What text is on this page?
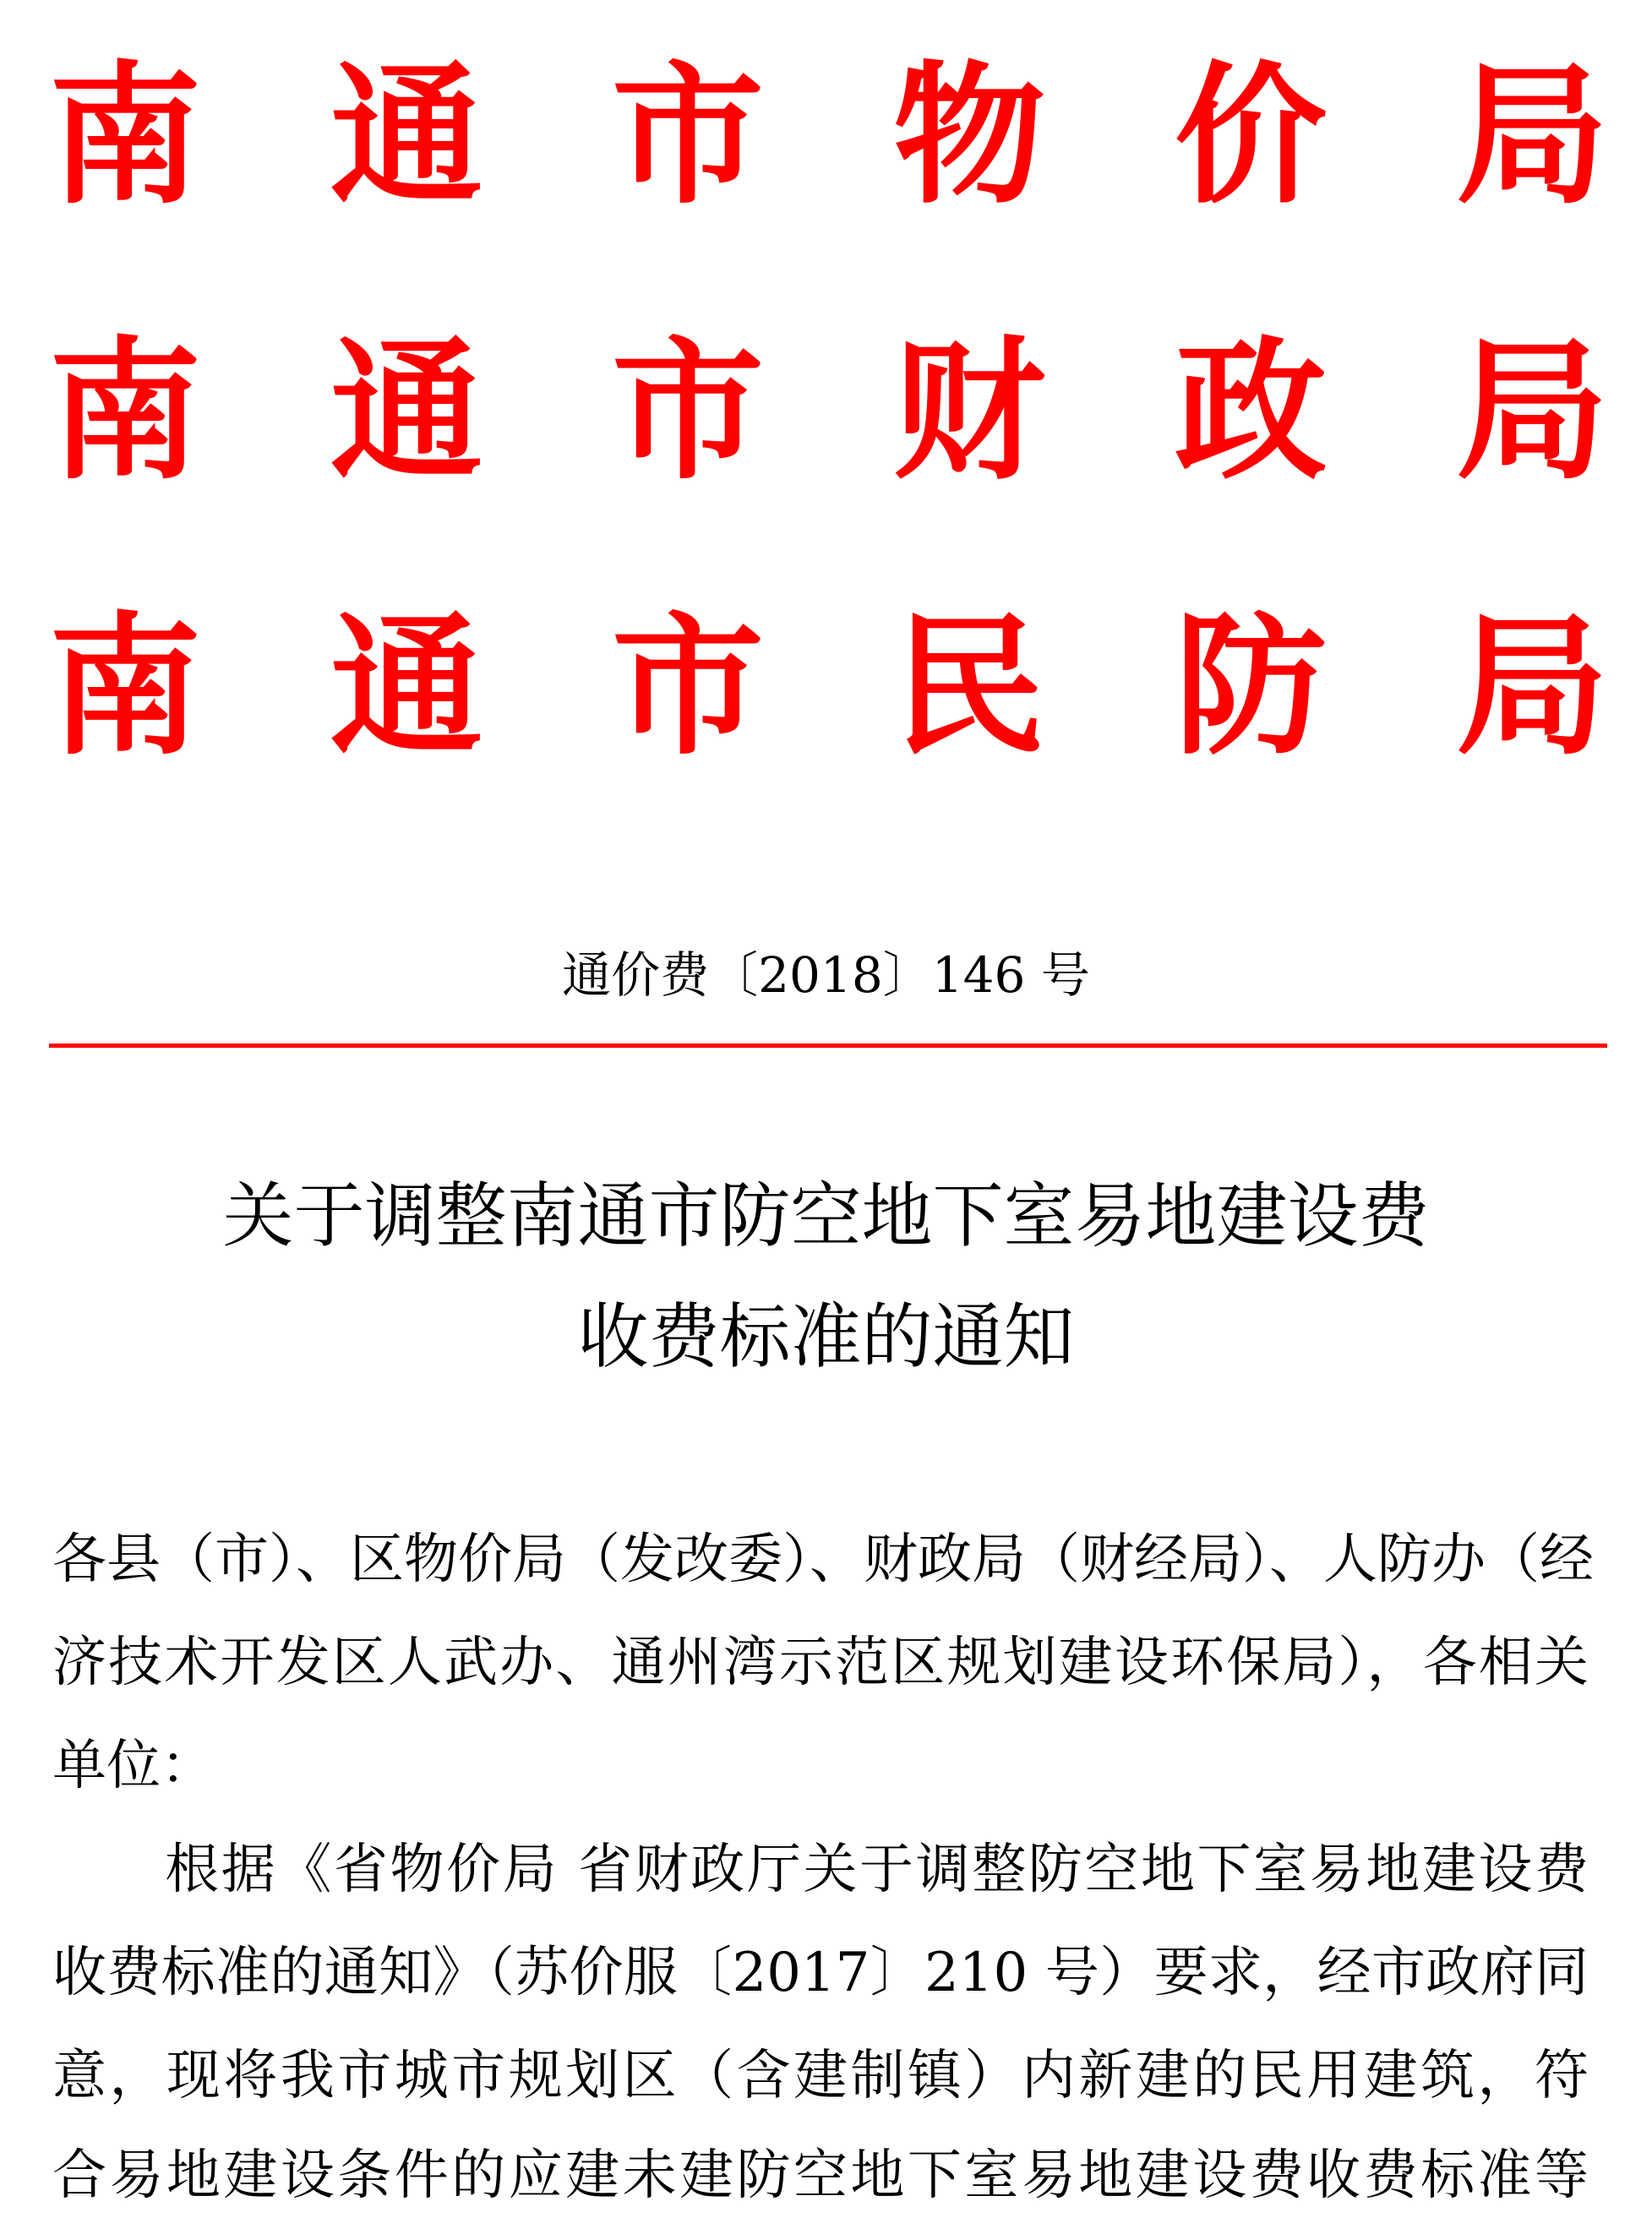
南 通 市 物 价 局
南 通 市 财 政 局
南 通 市 民 防 局
通价费〔2018〕146 号
关于调整南通市防空地下室易地建设费
收费标准的通知
各县（市）、区物价局（发改委）、财政局（财经局）、人防办（经
济技术开发区人武办、通州湾示范区规划建设环保局），各相关
单位：
　　根据《省物价局 省财政厅关于调整防空地下室易地建设费
收费标准的通知》（苏价服〔2017〕210 号）要求，经市政府同
意，现将我市城市规划区（含建制镇）内新建的民用建筑，符
合易地建设条件的应建未建防空地下室易地建设费收费标准等
